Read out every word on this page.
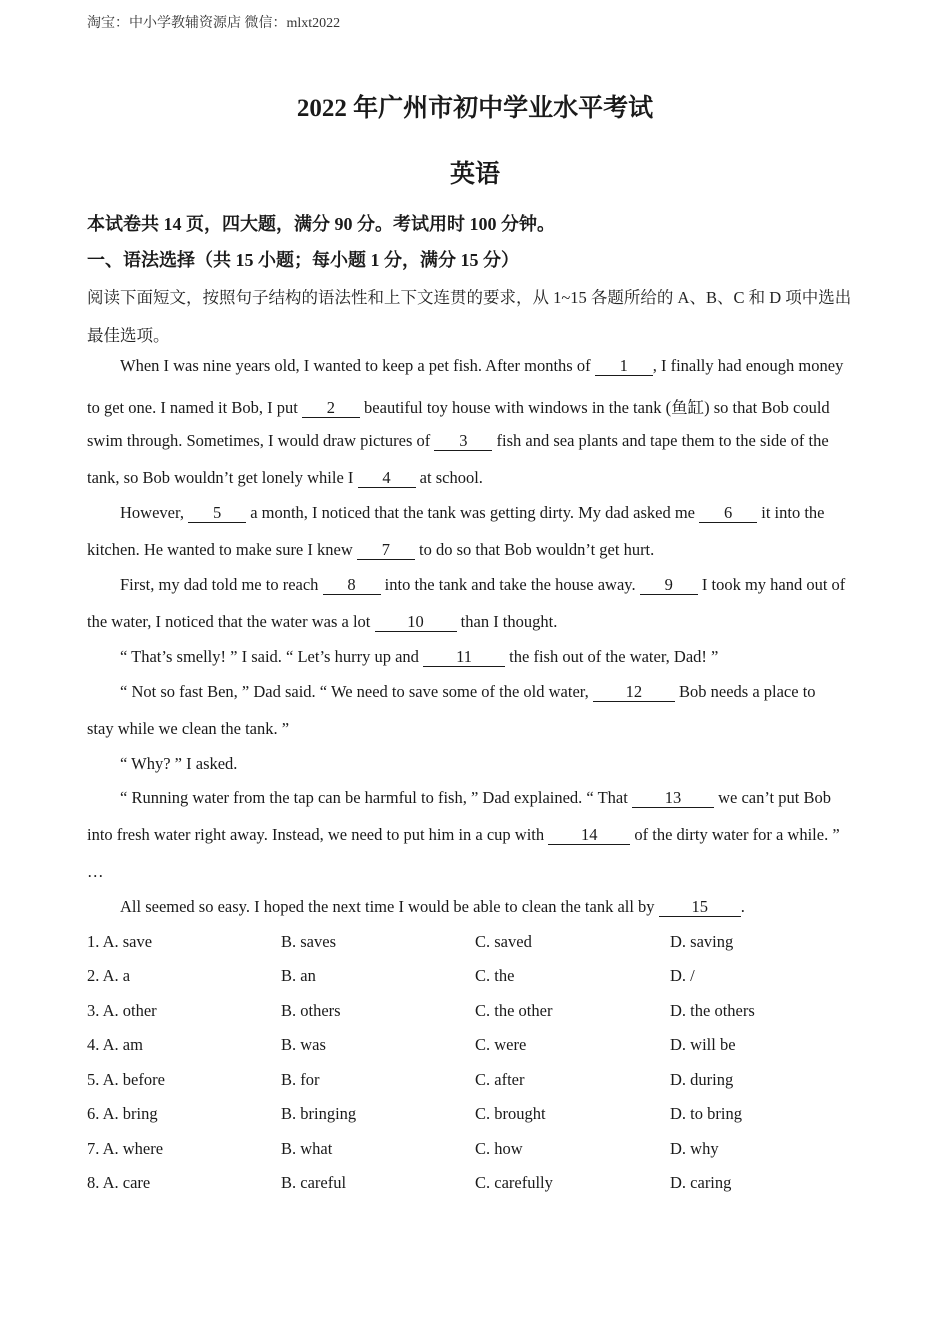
淘宝：中小学教辅资源店 微信：mlxt2022
2022 年广州市初中学业水平考试
英语
本试卷共 14 页，四大题，满分 90 分。考试用时 100 分钟。
一、语法选择（共 15 小题；每小题 1 分，满分 15 分）
阅读下面短文，按照句子结构的语法性和上下文连贯的要求，从 1~15 各题所给的 A、B、C 和 D 项中选出
最佳选项。
When I was nine years old, I wanted to keep a pet fish. After months of 1 , I finally had enough money
to get one. I named it Bob, I put 2 beautiful toy house with windows in the tank (鱼缸) so that Bob could
swim through. Sometimes, I would draw pictures of 3 fish and sea plants and tape them to the side of the
tank, so Bob wouldn’t get lonely while I 4 at school.
However, 5 a month, I noticed that the tank was getting dirty. My dad asked me 6 it into the
kitchen. He wanted to make sure I knew 7 to do so that Bob wouldn’t get hurt.
First, my dad told me to reach 8 into the tank and take the house away. 9 I took my hand out of
the water, I noticed that the water was a lot 10 than I thought.
“ That’s smelly! ” I said. “ Let’s hurry up and 11 the fish out of the water, Dad! ”
“ Not so fast Ben, ” Dad said. “ We need to save some of the old water, 12 Bob needs a place to
stay while we clean the tank. ”
“ Why? ” I asked.
“ Running water from the tap can be harmful to fish, ” Dad explained. “ That 13 we can’t put Bob
into fresh water right away. Instead, we need to put him in a cup with 14 of the dirty water for a while. ”
…
All seemed so easy. I hoped the next time I would be able to clean the tank all by 15 .
1. A. save	B. saves	C. saved	D. saving
2. A. a	B. an	C. the	D. /
3. A. other	B. others	C. the other	D. the others
4. A. am	B. was	C. were	D. will be
5. A. before	B. for	C. after	D. during
6. A. bring	B. bringing	C. brought	D. to bring
7. A. where	B. what	C. how	D. why
8. A. care	B. careful	C. carefully	D. caring
